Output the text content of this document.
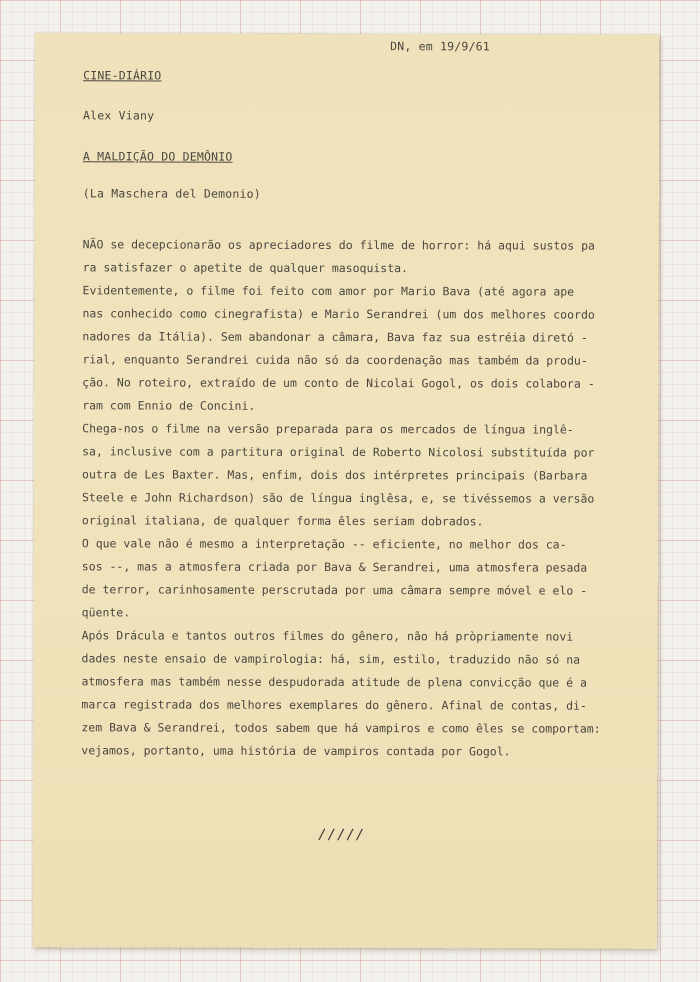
DN, em 19/9/61
CINE-DIÁRIO
Alex Viany
A MALDIÇÃO DO DEMÔNIO
(La Maschera del Demonio)
NÃO se decepcionarão os apreciadores do filme de horror: há aqui sustos pa
ra satisfazer o apetite de qualquer masoquista.
Evidentemente, o filme foi feito com amor por Mario Bava (até agora ape
nas conhecido como cinegrafista) e Mario Serandrei (um dos melhores coordo
nadores da Itália). Sem abandonar a câmara, Bava faz sua estréia diretó -
rial, enquanto Serandrei cuida não só da coordenação mas também da produ-
ção. No roteiro, extraído de um conto de Nicolai Gogol, os dois colabora -
ram com Ennio de Concini.
Chega-nos o filme na versão preparada para os mercados de língua inglê-
sa, inclusive com a partitura original de Roberto Nicolosi substituída por
outra de Les Baxter. Mas, enfim, dois dos intérpretes principais (Barbara
Steele e John Richardson) são de língua inglêsa, e, se tivéssemos a versão
original italiana, de qualquer forma êles seriam dobrados.
O que vale não é mesmo a interpretação -- eficiente, no melhor dos ca-
sos --, mas a atmosfera criada por Bava & Serandrei, uma atmosfera pesada
de terror, carinhosamente perscrutada por uma câmara sempre móvel e elo -
qüente.
Após Drácula e tantos outros filmes do gênero, não há pròpriamente novi
dades neste ensaio de vampirologia: há, sim, estilo, traduzido não só na
atmosfera mas também nesse despudorada atitude de plena convicção que é a
marca registrada dos melhores exemplares do gênero. Afinal de contas, di-
zem Bava & Serandrei, todos sabem que há vampiros e como êles se comportam:
vejamos, portanto, uma história de vampiros contada por Gogol.
/////
